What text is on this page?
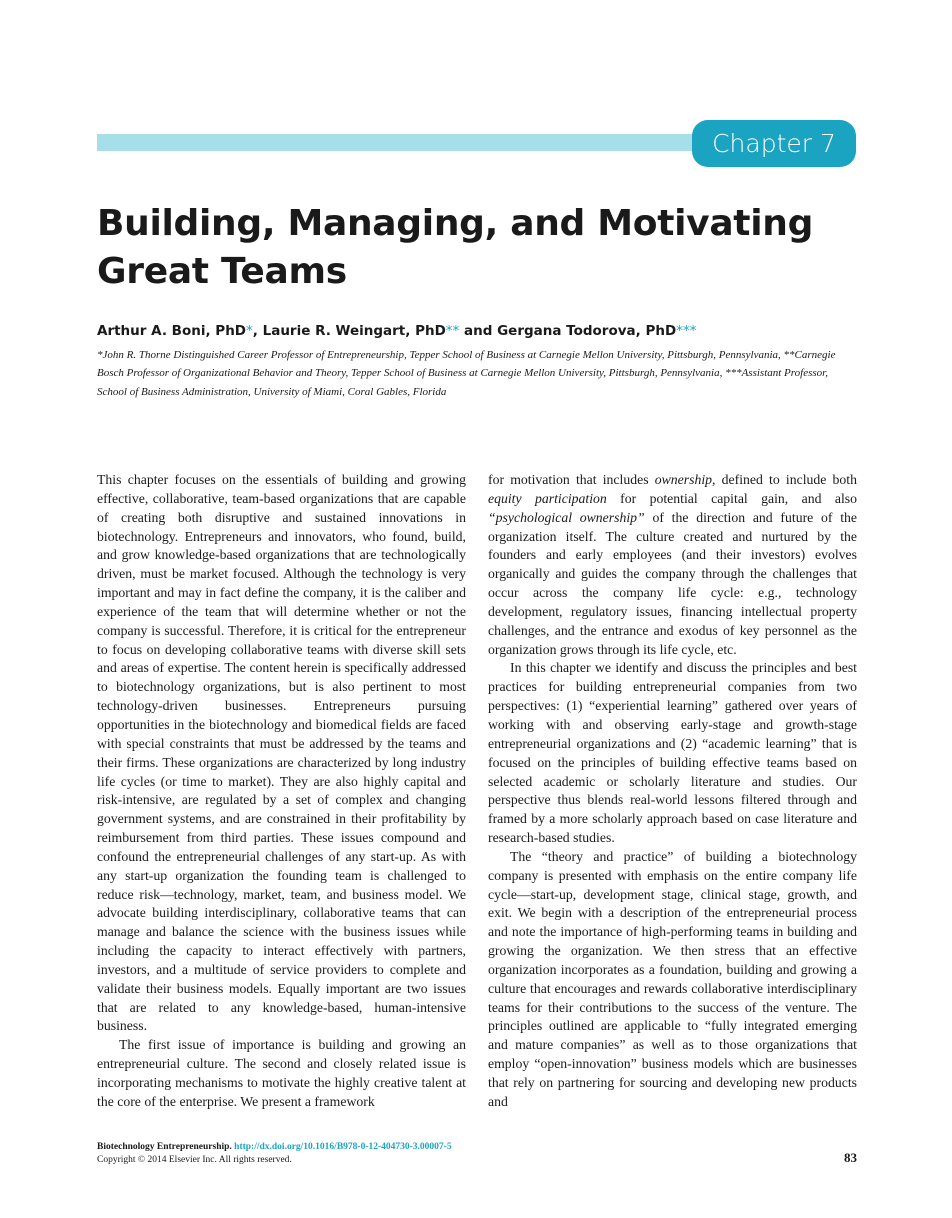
Chapter 7
Building, Managing, and Motivating Great Teams
Arthur A. Boni, PhD*, Laurie R. Weingart, PhD** and Gergana Todorova, PhD***
*John R. Thorne Distinguished Career Professor of Entrepreneurship, Tepper School of Business at Carnegie Mellon University, Pittsburgh, Pennsylvania, **Carnegie Bosch Professor of Organizational Behavior and Theory, Tepper School of Business at Carnegie Mellon University, Pittsburgh, Pennsylvania, ***Assistant Professor, School of Business Administration, University of Miami, Coral Gables, Florida

This chapter focuses on the essentials of building and growing effective, collaborative, team-based organizations that are capable of creating both disruptive and sustained innovations in biotechnology. Entrepreneurs and innovators, who found, build, and grow knowledge-based organizations that are technologically driven, must be market focused. Although the technology is very important and may in fact define the company, it is the caliber and experience of the team that will determine whether or not the company is successful. Therefore, it is critical for the entrepreneur to focus on developing collaborative teams with diverse skill sets and areas of expertise. The content herein is specifically addressed to biotechnology organizations, but is also pertinent to most technology-driven businesses. Entrepreneurs pursuing opportunities in the biotechnology and biomedical fields are faced with special constraints that must be addressed by the teams and their firms. These organizations are characterized by long industry life cycles (or time to market). They are also highly capital and risk-intensive, are regulated by a set of complex and changing government systems, and are constrained in their profitability by reimbursement from third parties. These issues compound and confound the entrepreneurial challenges of any start-up. As with any start-up organization the founding team is challenged to reduce risk—technology, market, team, and business model. We advocate building interdisciplinary, collaborative teams that can manage and balance the science with the business issues while including the capacity to interact effectively with partners, investors, and a multitude of service providers to complete and validate their business models. Equally important are two issues that are related to any knowledge-based, human-intensive business.

The first issue of importance is building and growing an entrepreneurial culture. The second and closely related issue is incorporating mechanisms to motivate the highly creative talent at the core of the enterprise. We present a framework

for motivation that includes ownership, defined to include both equity participation for potential capital gain, and also “psychological ownership” of the direction and future of the organization itself. The culture created and nurtured by the founders and early employees (and their investors) evolves organically and guides the company through the challenges that occur across the company life cycle: e.g., technology development, regulatory issues, financing intellectual property challenges, and the entrance and exodus of key personnel as the organization grows through its life cycle, etc.

In this chapter we identify and discuss the principles and best practices for building entrepreneurial companies from two perspectives: (1) “experiential learning” gathered over years of working with and observing early-stage and growth-stage entrepreneurial organizations and (2) “academic learning” that is focused on the principles of building effective teams based on selected academic or scholarly literature and studies. Our perspective thus blends real-world lessons filtered through and framed by a more scholarly approach based on case literature and research-based studies.

The “theory and practice” of building a biotechnology company is presented with emphasis on the entire company life cycle—start-up, development stage, clinical stage, growth, and exit. We begin with a description of the entrepreneurial process and note the importance of high-performing teams in building and growing the organization. We then stress that an effective organization incorporates as a foundation, building and growing a culture that encourages and rewards collaborative interdisciplinary teams for their contributions to the success of the venture. The principles outlined are applicable to “fully integrated emerging and mature companies” as well as to those organizations that employ “open-innovation” business models which are businesses that rely on partnering for sourcing and developing new products and

Biotechnology Entrepreneurship. http://dx.doi.org/10.1016/B978-0-12-404730-3.00007-5
Copyright © 2014 Elsevier Inc. All rights reserved.	83
